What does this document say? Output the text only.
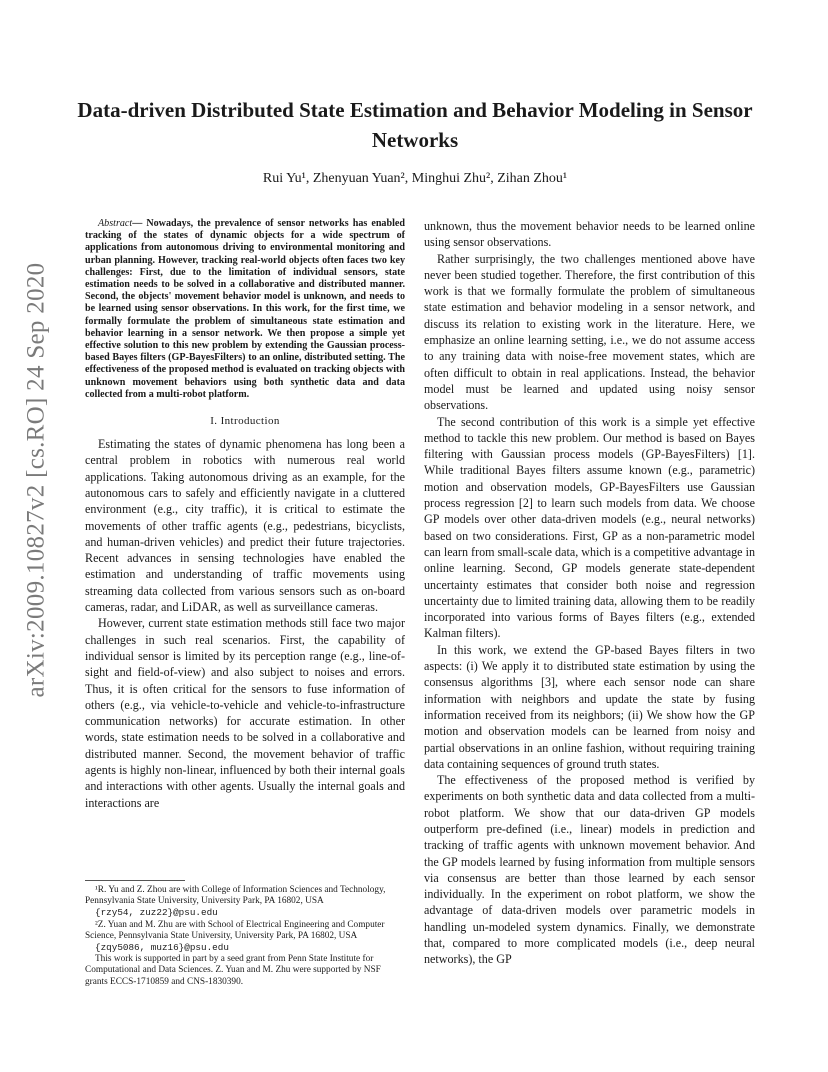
arXiv:2009.10827v2 [cs.RO] 24 Sep 2020
Data-driven Distributed State Estimation and Behavior Modeling in Sensor Networks
Rui Yu¹, Zhenyuan Yuan², Minghui Zhu², Zihan Zhou¹

Abstract— Nowadays, the prevalence of sensor networks has enabled tracking of the states of dynamic objects for a wide spectrum of applications from autonomous driving to environmental monitoring and urban planning. However, tracking real-world objects often faces two key challenges: First, due to the limitation of individual sensors, state estimation needs to be solved in a collaborative and distributed manner. Second, the objects' movement behavior model is unknown, and needs to be learned using sensor observations. In this work, for the first time, we formally formulate the problem of simultaneous state estimation and behavior learning in a sensor network. We then propose a simple yet effective solution to this new problem by extending the Gaussian process-based Bayes filters (GP-BayesFilters) to an online, distributed setting. The effectiveness of the proposed method is evaluated on tracking objects with unknown movement behaviors using both synthetic data and data collected from a multi-robot platform.

I. Introduction

Estimating the states of dynamic phenomena has long been a central problem in robotics with numerous real world applications. Taking autonomous driving as an example, for the autonomous cars to safely and efficiently navigate in a cluttered environment (e.g., city traffic), it is critical to estimate the movements of other traffic agents (e.g., pedestrians, bicyclists, and human-driven vehicles) and predict their future trajectories. Recent advances in sensing technologies have enabled the estimation and understanding of traffic movements using streaming data collected from various sensors such as on-board cameras, radar, and LiDAR, as well as surveillance cameras.

However, current state estimation methods still face two major challenges in such real scenarios. First, the capability of individual sensor is limited by its perception range (e.g., line-of-sight and field-of-view) and also subject to noises and errors. Thus, it is often critical for the sensors to fuse information of others (e.g., via vehicle-to-vehicle and vehicle-to-infrastructure communication networks) for accurate estimation. In other words, state estimation needs to be solved in a collaborative and distributed manner. Second, the movement behavior of traffic agents is highly non-linear, influenced by both their internal goals and interactions with other agents. Usually the internal goals and interactions are

¹R. Yu and Z. Zhou are with College of Information Sciences and Technology, Pennsylvania State University, University Park, PA 16802, USA

{rzy54, zuz22}@psu.edu

²Z. Yuan and M. Zhu are with School of Electrical Engineering and Computer Science, Pennsylvania State University, University Park, PA 16802, USA

{zqy5086, muz16}@psu.edu

This work is supported in part by a seed grant from Penn State Institute for Computational and Data Sciences. Z. Yuan and M. Zhu were supported by NSF grants ECCS-1710859 and CNS-1830390.

unknown, thus the movement behavior needs to be learned online using sensor observations.

Rather surprisingly, the two challenges mentioned above have never been studied together. Therefore, the first contribution of this work is that we formally formulate the problem of simultaneous state estimation and behavior modeling in a sensor network, and discuss its relation to existing work in the literature. Here, we emphasize an online learning setting, i.e., we do not assume access to any training data with noise-free movement states, which are often difficult to obtain in real applications. Instead, the behavior model must be learned and updated using noisy sensor observations.

The second contribution of this work is a simple yet effective method to tackle this new problem. Our method is based on Bayes filtering with Gaussian process models (GP-BayesFilters) [1]. While traditional Bayes filters assume known (e.g., parametric) motion and observation models, GP-BayesFilters use Gaussian process regression [2] to learn such models from data. We choose GP models over other data-driven models (e.g., neural networks) based on two considerations. First, GP as a non-parametric model can learn from small-scale data, which is a competitive advantage in online learning. Second, GP models generate state-dependent uncertainty estimates that consider both noise and regression uncertainty due to limited training data, allowing them to be readily incorporated into various forms of Bayes filters (e.g., extended Kalman filters).

In this work, we extend the GP-based Bayes filters in two aspects: (i) We apply it to distributed state estimation by using the consensus algorithms [3], where each sensor node can share information with neighbors and update the state by fusing information received from its neighbors; (ii) We show how the GP motion and observation models can be learned from noisy and partial observations in an online fashion, without requiring training data containing sequences of ground truth states.

The effectiveness of the proposed method is verified by experiments on both synthetic data and data collected from a multi-robot platform. We show that our data-driven GP models outperform pre-defined (i.e., linear) models in prediction and tracking of traffic agents with unknown movement behavior. And the GP models learned by fusing information from multiple sensors via consensus are better than those learned by each sensor individually. In the experiment on robot platform, we show the advantage of data-driven models over parametric models in handling un-modeled system dynamics. Finally, we demonstrate that, compared to more complicated models (i.e., deep neural networks), the GP
